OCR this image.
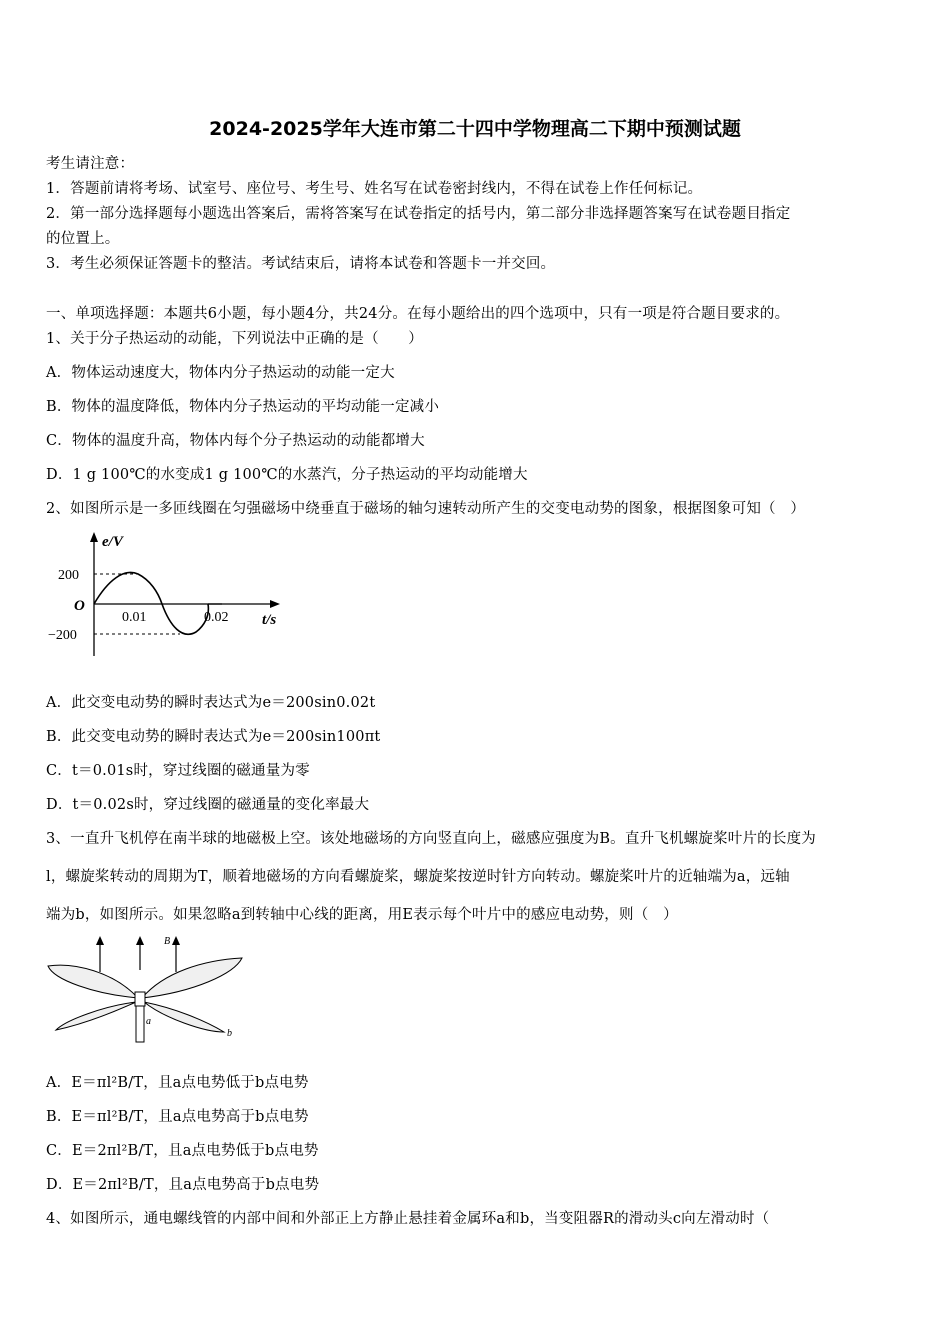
2024-2025学年大连市第二十四中学物理高二下期中预测试题
考生请注意：
1．答题前请将考场、试室号、座位号、考生号、姓名写在试卷密封线内，不得在试卷上作任何标记。
2．第一部分选择题每小题选出答案后，需将答案写在试卷指定的括号内，第二部分非选择题答案写在试卷题目指定
的位置上。
3．考生必须保证答题卡的整洁。考试结束后，请将本试卷和答题卡一并交回。
一、单项选择题：本题共6小题，每小题4分，共24分。在每小题给出的四个选项中，只有一项是符合题目要求的。
1、关于分子热运动的动能，下列说法中正确的是（　　）
A．物体运动速度大，物体内分子热运动的动能一定大
B．物体的温度降低，物体内分子热运动的平均动能一定减小
C．物体的温度升高，物体内每个分子热运动的动能都增大
D．1 g 100℃的水变成1 g 100℃的水蒸汽，分子热运动的平均动能增大
2、如图所示是一多匝线圈在匀强磁场中绕垂直于磁场的轴匀速转动所产生的交变电动势的图象，根据图象可知（　）
e/V
200
O
−200
0.01	0.02 t/s
A．此交变电动势的瞬时表达式为e＝200sin0.02t
B．此交变电动势的瞬时表达式为e＝200sin100πt
C．t＝0.01s时，穿过线圈的磁通量为零
D．t＝0.02s时，穿过线圈的磁通量的变化率最大
3、一直升飞机停在南半球的地磁极上空。该处地磁场的方向竖直向上，磁感应强度为B。直升飞机螺旋桨叶片的长度为
l，螺旋桨转动的周期为T，顺着地磁场的方向看螺旋桨，螺旋桨按逆时针方向转动。螺旋桨叶片的近轴端为a，远轴
端为b，如图所示。如果忽略a到转轴中心线的距离，用E表示每个叶片中的感应电动势，则（　）
B
a
b
A．E＝πl²B/T，且a点电势低于b点电势
B．E＝πl²B/T，且a点电势高于b点电势
C．E＝2πl²B/T，且a点电势低于b点电势
D．E＝2πl²B/T，且a点电势高于b点电势
4、如图所示，通电螺线管的内部中间和外部正上方静止悬挂着金属环a和b，当变阻器R的滑动头c向左滑动时（
